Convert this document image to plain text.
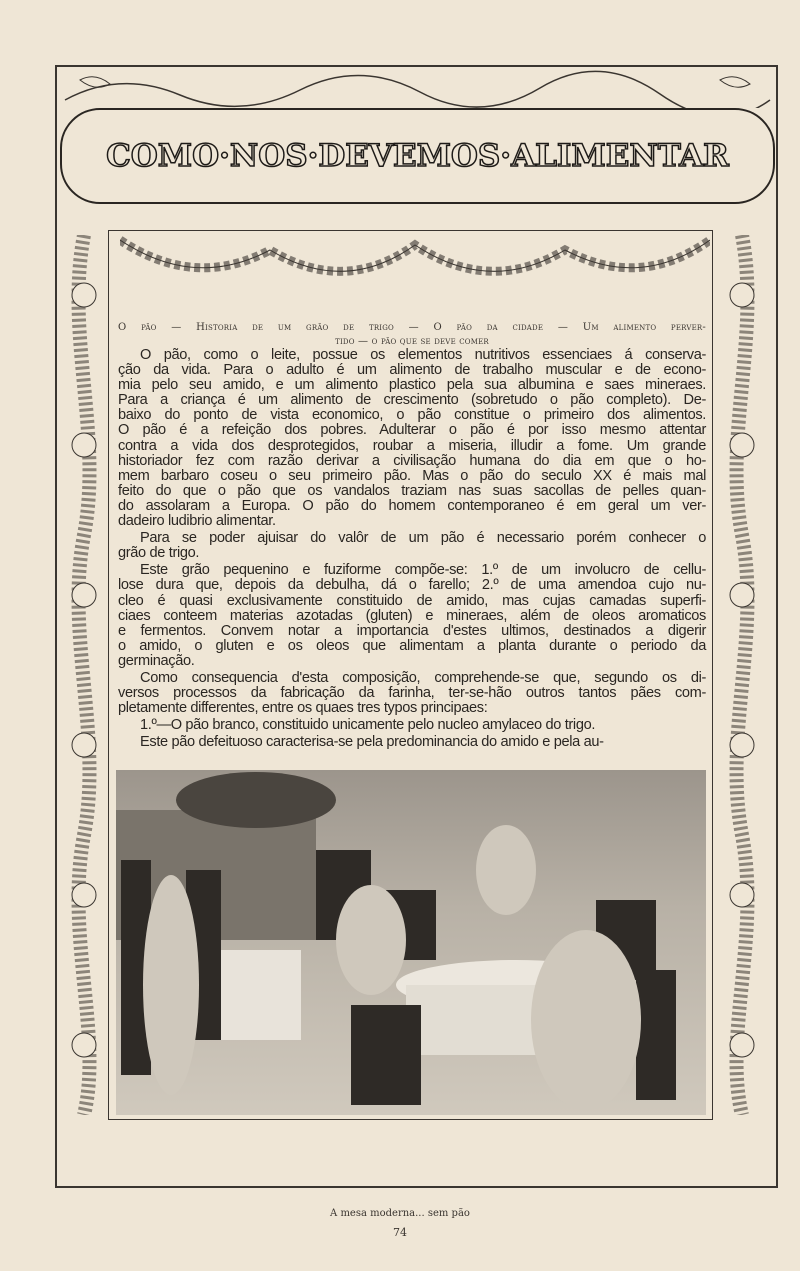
COMO·NOS·DEVEMOS·ALIMENTAR
O pão — Historia de um grão de trigo — O pão da cidade — Um alimento perver-
tido — o pão que se deve comer
O pão, como o leite, possue os elementos nutritivos essenciaes á conserva-
ção da vida. Para o adulto é um alimento de trabalho muscular e de econo-
mia pelo seu amido, e um alimento plastico pela sua albumina e saes mineraes.
Para a criança é um alimento de crescimento (sobretudo o pão completo). De-
baixo do ponto de vista economico, o pão constitue o primeiro dos alimentos.
O pão é a refeição dos pobres. Adulterar o pão é por isso mesmo attentar
contra a vida dos desprotegidos, roubar a miseria, illudir a fome. Um grande
historiador fez com razão derivar a civilisação humana do dia em que o ho-
mem barbaro coseu o seu primeiro pão. Mas o pão do seculo XX é mais mal
feito do que o pão que os vandalos traziam nas suas sacollas de pelles quan-
do assolaram a Europa. O pão do homem contemporaneo é em geral um ver-
dadeiro ludibrio alimentar.
Para se poder ajuisar do valôr de um pão é necessario porém conhecer o
grão de trigo.
Este grão pequenino e fuziforme compõe-se: 1.º de um involucro de cellu-
lose dura que, depois da debulha, dá o farello; 2.º de uma amendoa cujo nu-
cleo é quasi exclusivamente constituido de amido, mas cujas camadas superfi-
ciaes conteem materias azotadas (gluten) e mineraes, além de oleos aromaticos
e fermentos. Convem notar a importancia d'estes ultimos, destinados a digerir
o amido, o gluten e os oleos que alimentam a planta durante o periodo da
germinação.
Como consequencia d'esta composição, comprehende-se que, segundo os di-
versos processos da fabricação da farinha, ter-se-hão outros tantos pães com-
pletamente differentes, entre os quaes tres typos principaes:
1.º—O pão branco, constituido unicamente pelo nucleo amylaceo do trigo.
Este pão defeituoso caracterisa-se pela predominancia do amido e pela au-
A mesa moderna... sem pão
74
